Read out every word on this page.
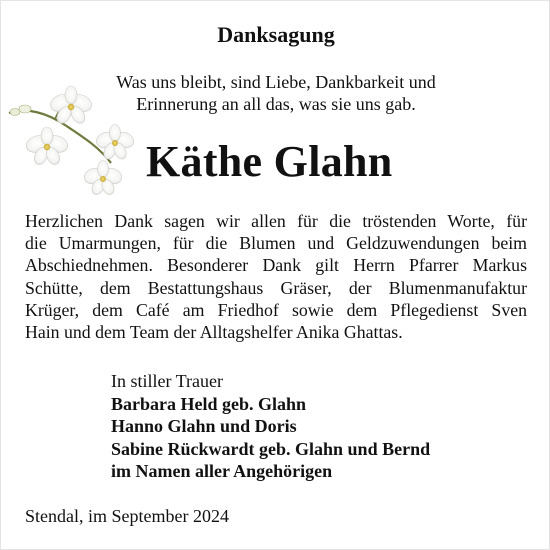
Danksagung
Was uns bleibt, sind Liebe, Dankbarkeit und
Erinnerung an all das, was sie uns gab.
Käthe Glahn
Herzlichen Dank sagen wir allen für die tröstenden Worte, für
die Umarmungen, für die Blumen und Geldzuwendungen beim
Abschiednehmen. Besonderer Dank gilt Herrn Pfarrer Markus
Schütte, dem Bestattungshaus Gräser, der Blumenmanufaktur
Krüger, dem Café am Friedhof sowie dem Pflegedienst Sven
Hain und dem Team der Alltagshelfer Anika Ghattas.
In stiller Trauer
Barbara Held geb. Glahn
Hanno Glahn und Doris
Sabine Rückwardt geb. Glahn und Bernd
im Namen aller Angehörigen
Stendal, im September 2024
